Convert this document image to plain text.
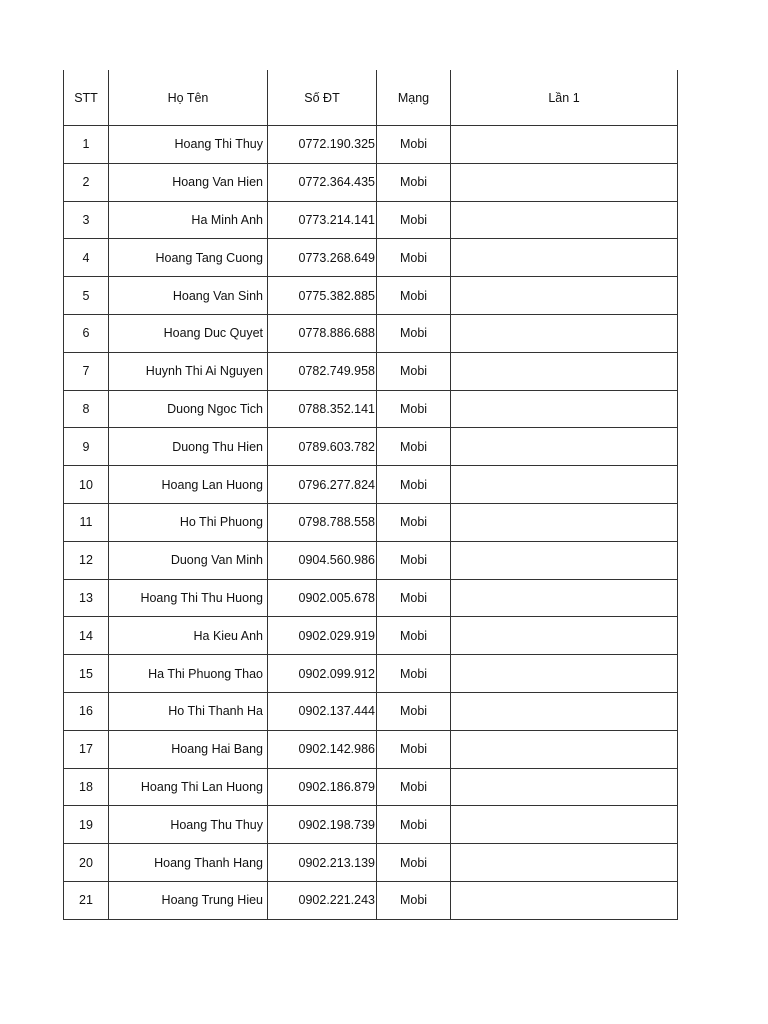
STT	Họ Tên	Số ĐT	Mạng	Lần 1
1	Hoang Thi Thuy	0772.190.325	Mobi	
2	Hoang Van Hien	0772.364.435	Mobi	
3	Ha Minh Anh	0773.214.141	Mobi	
4	Hoang Tang Cuong	0773.268.649	Mobi	
5	Hoang Van Sinh	0775.382.885	Mobi	
6	Hoang Duc Quyet	0778.886.688	Mobi	
7	Huynh Thi Ai Nguyen	0782.749.958	Mobi	
8	Duong Ngoc Tich	0788.352.141	Mobi	
9	Duong Thu Hien	0789.603.782	Mobi	
10	Hoang Lan Huong	0796.277.824	Mobi	
11	Ho Thi Phuong	0798.788.558	Mobi	
12	Duong Van Minh	0904.560.986	Mobi	
13	Hoang Thi Thu Huong	0902.005.678	Mobi	
14	Ha Kieu Anh	0902.029.919	Mobi	
15	Ha Thi Phuong Thao	0902.099.912	Mobi	
16	Ho Thi Thanh Ha	0902.137.444	Mobi	
17	Hoang Hai Bang	0902.142.986	Mobi	
18	Hoang Thi Lan Huong	0902.186.879	Mobi	
19	Hoang Thu Thuy	0902.198.739	Mobi	
20	Hoang Thanh Hang	0902.213.139	Mobi	
21	Hoang Trung Hieu	0902.221.243	Mobi	
